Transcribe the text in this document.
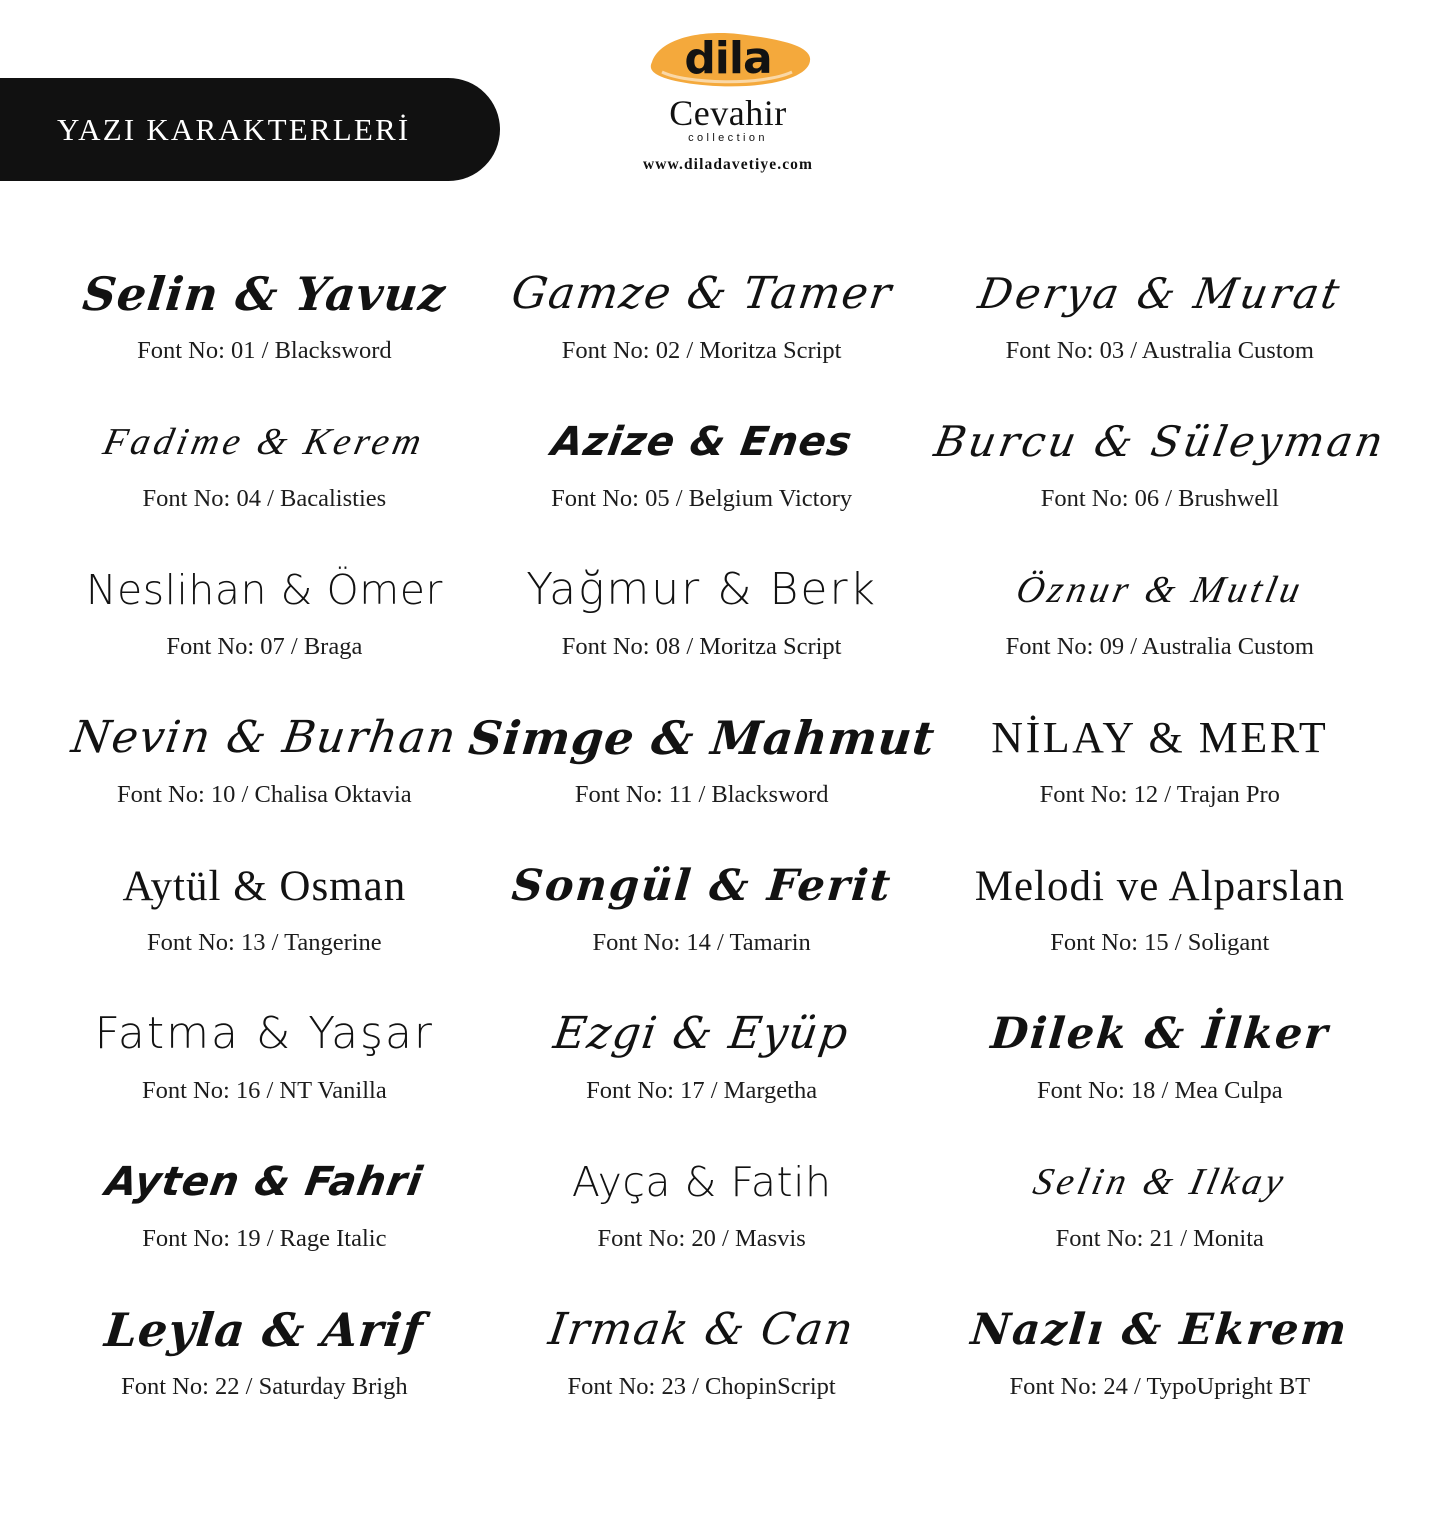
YAZI KARAKTERLERİ
dila
Cevahir
collection
www.diladavetiye.com
Selin & Yavuz
Font No: 01 / Blacksword
Gamze & Tamer
Font No: 02 / Moritza Script
Derya & Murat
Font No: 03 / Australia Custom
Fadime & Kerem
Font No: 04 / Bacalisties
Azize & Enes
Font No: 05 / Belgium Victory
Burcu & Süleyman
Font No: 06 / Brushwell
Neslihan & Ömer
Font No: 07 / Braga
Yağmur & Berk
Font No: 08 / Moritza Script
Öznur & Mutlu
Font No: 09 / Australia Custom
Nevin & Burhan
Font No: 10 / Chalisa Oktavia
Simge & Mahmut
Font No: 11 / Blacksword
NİLAY & MERT
Font No: 12 / Trajan Pro
Aytül & Osman
Font No: 13 / Tangerine
Songül & Ferit
Font No: 14 / Tamarin
Melodi ve Alparslan
Font No: 15 / Soligant
Fatma & Yaşar
Font No: 16 / NT Vanilla
Ezgi & Eyüp
Font No: 17 / Margetha
Dilek & İlker
Font No: 18 / Mea Culpa
Ayten & Fahri
Font No: 19 / Rage Italic
Ayça & Fatih
Font No: 20 / Masvis
Selin & Ilkay
Font No: 21 / Monita
Leyla & Arif
Font No: 22 / Saturday Brigh
Irmak & Can
Font No: 23 / ChopinScript
Nazlı & Ekrem
Font No: 24 / TypoUpright BT
